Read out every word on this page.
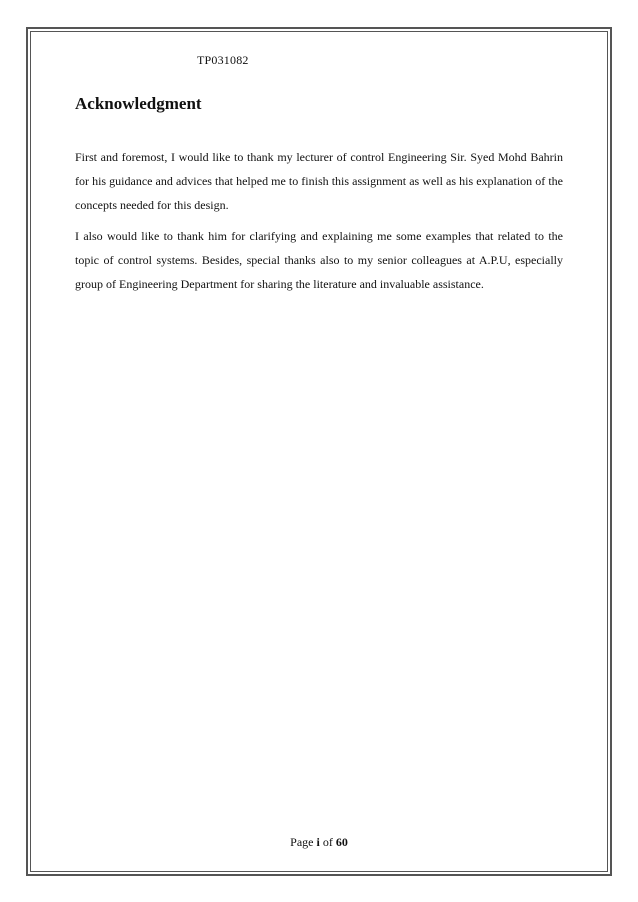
TP031082
Acknowledgment

First and foremost, I would like to thank my lecturer of control Engineering Sir. Syed Mohd Bahrin for his guidance and advices that helped me to finish this assignment as well as his explanation of the concepts needed for this design.

I also would like to thank him for clarifying and explaining me some examples that related to the topic of control systems. Besides, special thanks also to my senior colleagues at A.P.U, especially group of Engineering Department for sharing the literature and invaluable assistance.

Page i of 60
